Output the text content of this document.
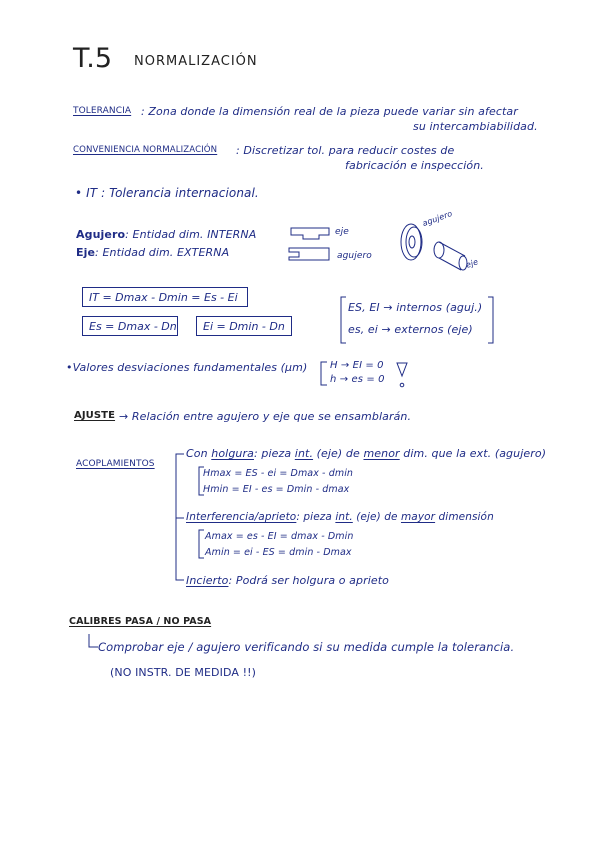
T.5 NORMALIZACIÓN
TOLERANCIA : Zona donde la dimensión real de la pieza puede variar sin afectar
su intercambiabilidad.
CONVENIENCIA NORMALIZACIÓN : Discretizar tol. para reducir costes de
fabricación e inspección.
• IT : Tolerancia internacional.
Agujero: Entidad dim. INTERNA
Eje: Entidad dim. EXTERNA
eje
agujero
agujero
eje
IT = Dmax - Dmin = Es - Ei
Es = Dmax - Dn Ei = Dmin - Dn
ES, EI → internos (aguj.)
es, ei → externos (eje)
•Valores desviaciones fundamentales (μm) H → EI = 0
h → es = 0
AJUSTE → Relación entre agujero y eje que se ensamblarán.
ACOPLAMIENTOS
Con holgura: pieza int. (eje) de menor dim. que la ext. (agujero)
Hmax = ES - ei = Dmax - dmin
Hmin = EI - es = Dmin - dmax
Interferencia/aprieto: pieza int. (eje) de mayor dimensión
Amax = es - EI = dmax - Dmin
Amin = ei - ES = dmin - Dmax
Incierto: Podrá ser holgura o aprieto
CALIBRES PASA / NO PASA
Comprobar eje / agujero verificando si su medida cumple la tolerancia.
(NO INSTR. DE MEDIDA !!)
